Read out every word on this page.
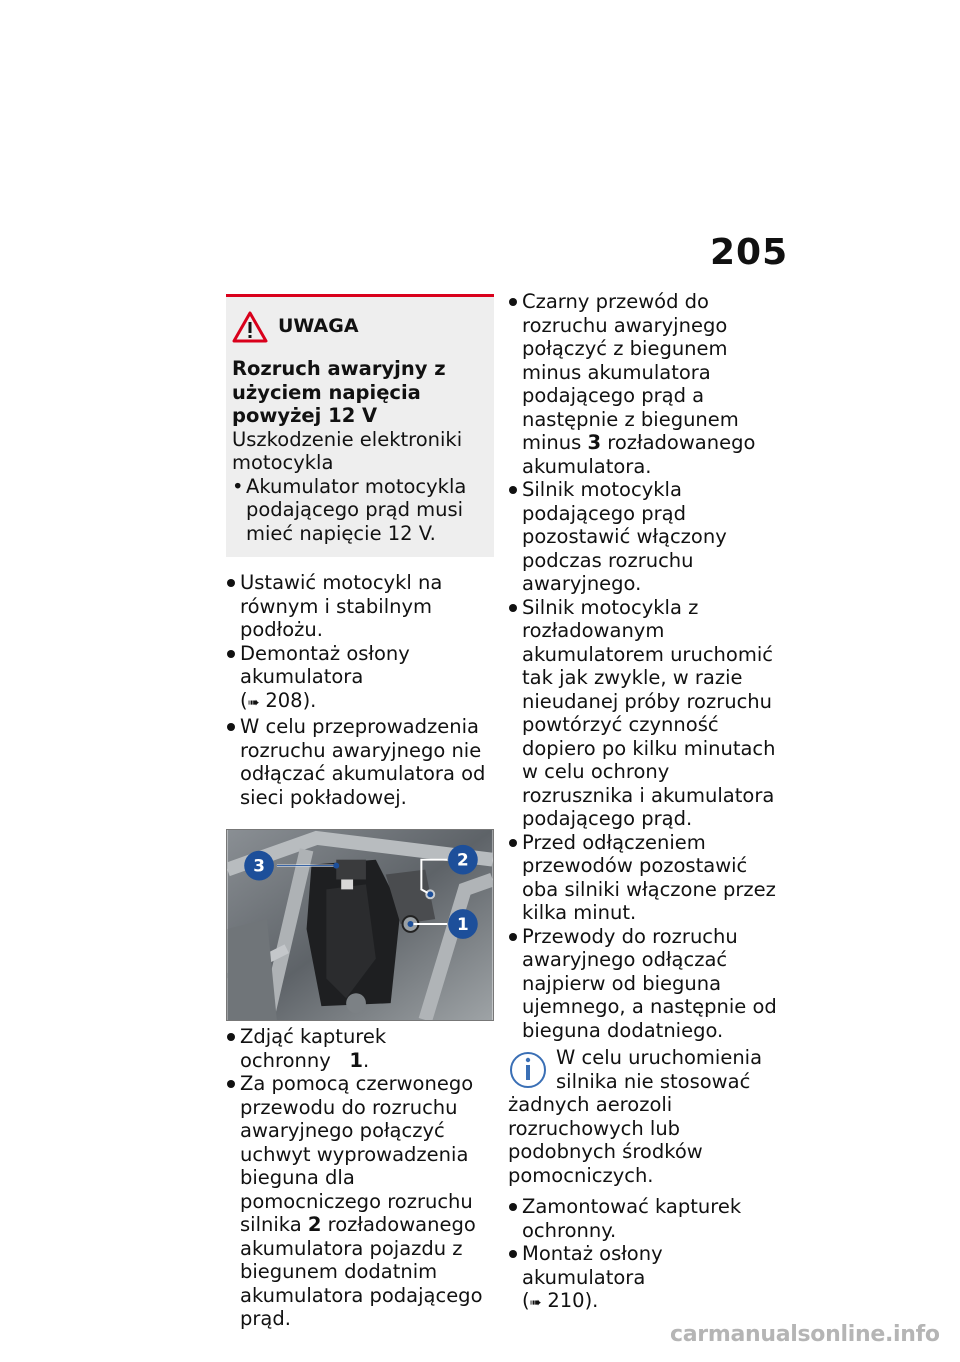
205
UWAGA
Rozruch awaryjny z użyciem napięcia powyżej 12 V
Uszkodzenie elektroniki motocykla
• Akumulator motocykla podającego prąd musi mieć napięcie 12 V.
Ustawić motocykl na równym i stabilnym podłożu.
Demontaż osłony akumulatora
(➠ 208).
W celu przeprowadzenia rozruchu awaryjnego nie odłączać akumulatora od sieci pokładowej.
3	2
1
Zdjąć kapturek ochronny 1.
Za pomocą czerwonego przewodu do rozruchu awaryjnego połączyć uchwyt wyprowadzenia bieguna dla pomocniczego rozruchu silnika 2 rozładowanego akumulatora pojazdu z biegunem dodatnim akumulatora podającego prąd.
Czarny przewód do rozruchu awaryjnego połączyć z biegunem minus akumulatora podającego prąd a następnie z biegunem minus 3 rozładowanego akumulatora.
Silnik motocykla podającego prąd pozostawić włączony podczas rozruchu awaryjnego.
Silnik motocykla z rozładowanym akumulatorem uruchomić tak jak zwykle, w razie nieudanej próby rozruchu powtórzyć czynność dopiero po kilku minutach w celu ochrony rozrusznika i akumulatora podającego prąd.
Przed odłączeniem przewodów pozostawić oba silniki włączone przez kilka minut.
Przewody do rozruchu awaryjnego odłączać najpierw od bieguna ujemnego, a następnie od bieguna dodatniego.
W celu uruchomienia silnika nie stosować żadnych aerozoli rozruchowych lub podobnych środków pomocniczych.
Zamontować kapturek ochronny.
Montaż osłony akumulatora
(➠ 210).
carmanualsonline.info
